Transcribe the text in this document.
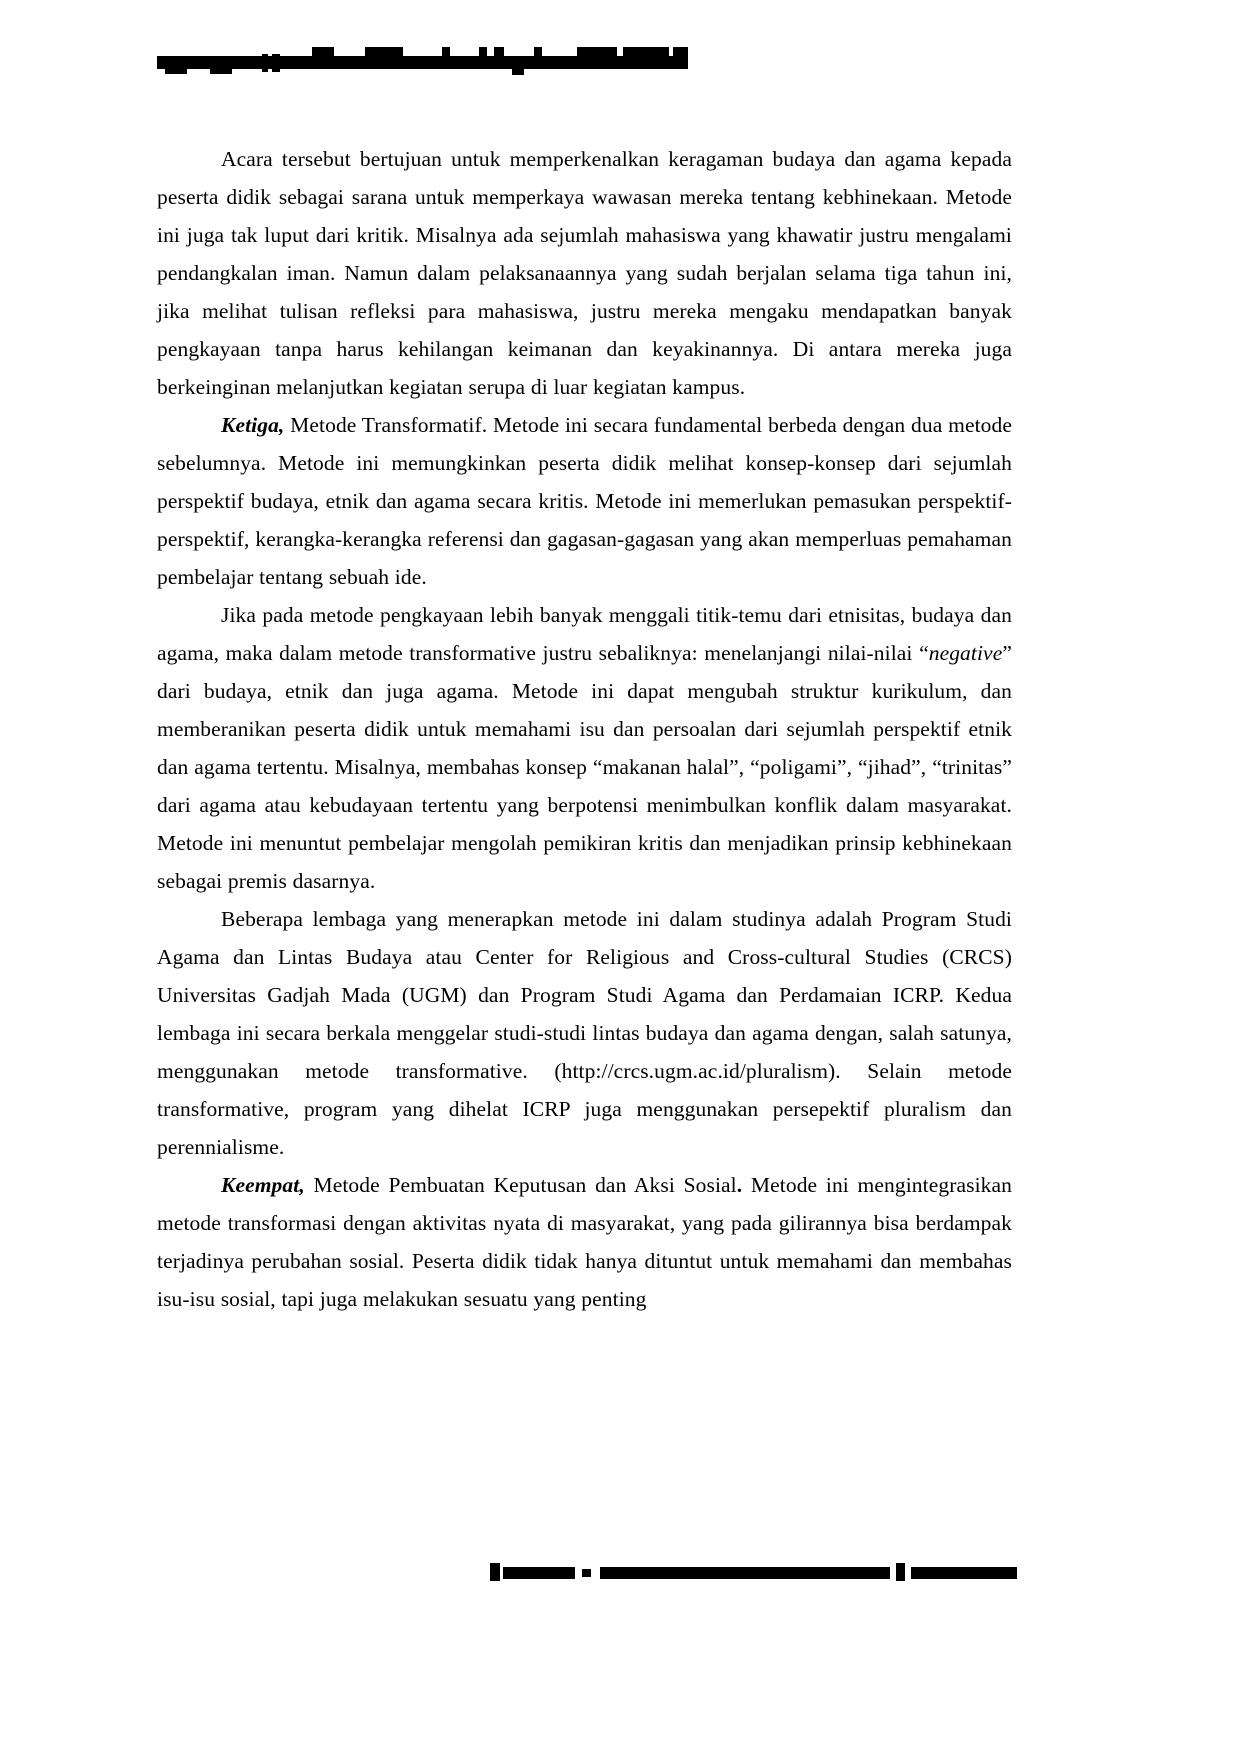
Acara tersebut bertujuan untuk memperkenalkan keragaman budaya dan agama kepada peserta didik sebagai sarana untuk memperkaya wawasan mereka tentang kebhinekaan. Metode ini juga tak luput dari kritik. Misalnya ada sejumlah mahasiswa yang khawatir justru mengalami pendangkalan iman. Namun dalam pelaksanaannya yang sudah berjalan selama tiga tahun ini, jika melihat tulisan refleksi para mahasiswa, justru mereka mengaku mendapatkan banyak pengkayaan tanpa harus kehilangan keimanan dan keyakinannya. Di antara mereka juga berkeinginan melanjutkan kegiatan serupa di luar kegiatan kampus.

Ketiga, Metode Transformatif. Metode ini secara fundamental berbeda dengan dua metode sebelumnya. Metode ini memungkinkan peserta didik melihat konsep-konsep dari sejumlah perspektif budaya, etnik dan agama secara kritis. Metode ini memerlukan pemasukan perspektif-perspektif, kerangka-kerangka referensi dan gagasan-gagasan yang akan memperluas pemahaman pembelajar tentang sebuah ide.

Jika pada metode pengkayaan lebih banyak menggali titik-temu dari etnisitas, budaya dan agama, maka dalam metode transformative justru sebaliknya: menelanjangi nilai-nilai “negative” dari budaya, etnik dan juga agama. Metode ini dapat mengubah struktur kurikulum, dan memberanikan peserta didik untuk memahami isu dan persoalan dari sejumlah perspektif etnik dan agama tertentu. Misalnya, membahas konsep “makanan halal”, “poligami”, “jihad”, “trinitas” dari agama atau kebudayaan tertentu yang berpotensi menimbulkan konflik dalam masyarakat. Metode ini menuntut pembelajar mengolah pemikiran kritis dan menjadikan prinsip kebhinekaan sebagai premis dasarnya.

Beberapa lembaga yang menerapkan metode ini dalam studinya adalah Program Studi Agama dan Lintas Budaya atau Center for Religious and Cross-cultural Studies (CRCS) Universitas Gadjah Mada (UGM) dan Program Studi Agama dan Perdamaian ICRP. Kedua lembaga ini secara berkala menggelar studi-studi lintas budaya dan agama dengan, salah satunya, menggunakan metode transformative. (http://crcs.ugm.ac.id/pluralism). Selain metode transformative, program yang dihelat ICRP juga menggunakan persepektif pluralism dan perennialisme.

Keempat, Metode Pembuatan Keputusan dan Aksi Sosial. Metode ini mengintegrasikan metode transformasi dengan aktivitas nyata di masyarakat, yang pada gilirannya bisa berdampak terjadinya perubahan sosial. Peserta didik tidak hanya dituntut untuk memahami dan membahas isu-isu sosial, tapi juga melakukan sesuatu yang penting
